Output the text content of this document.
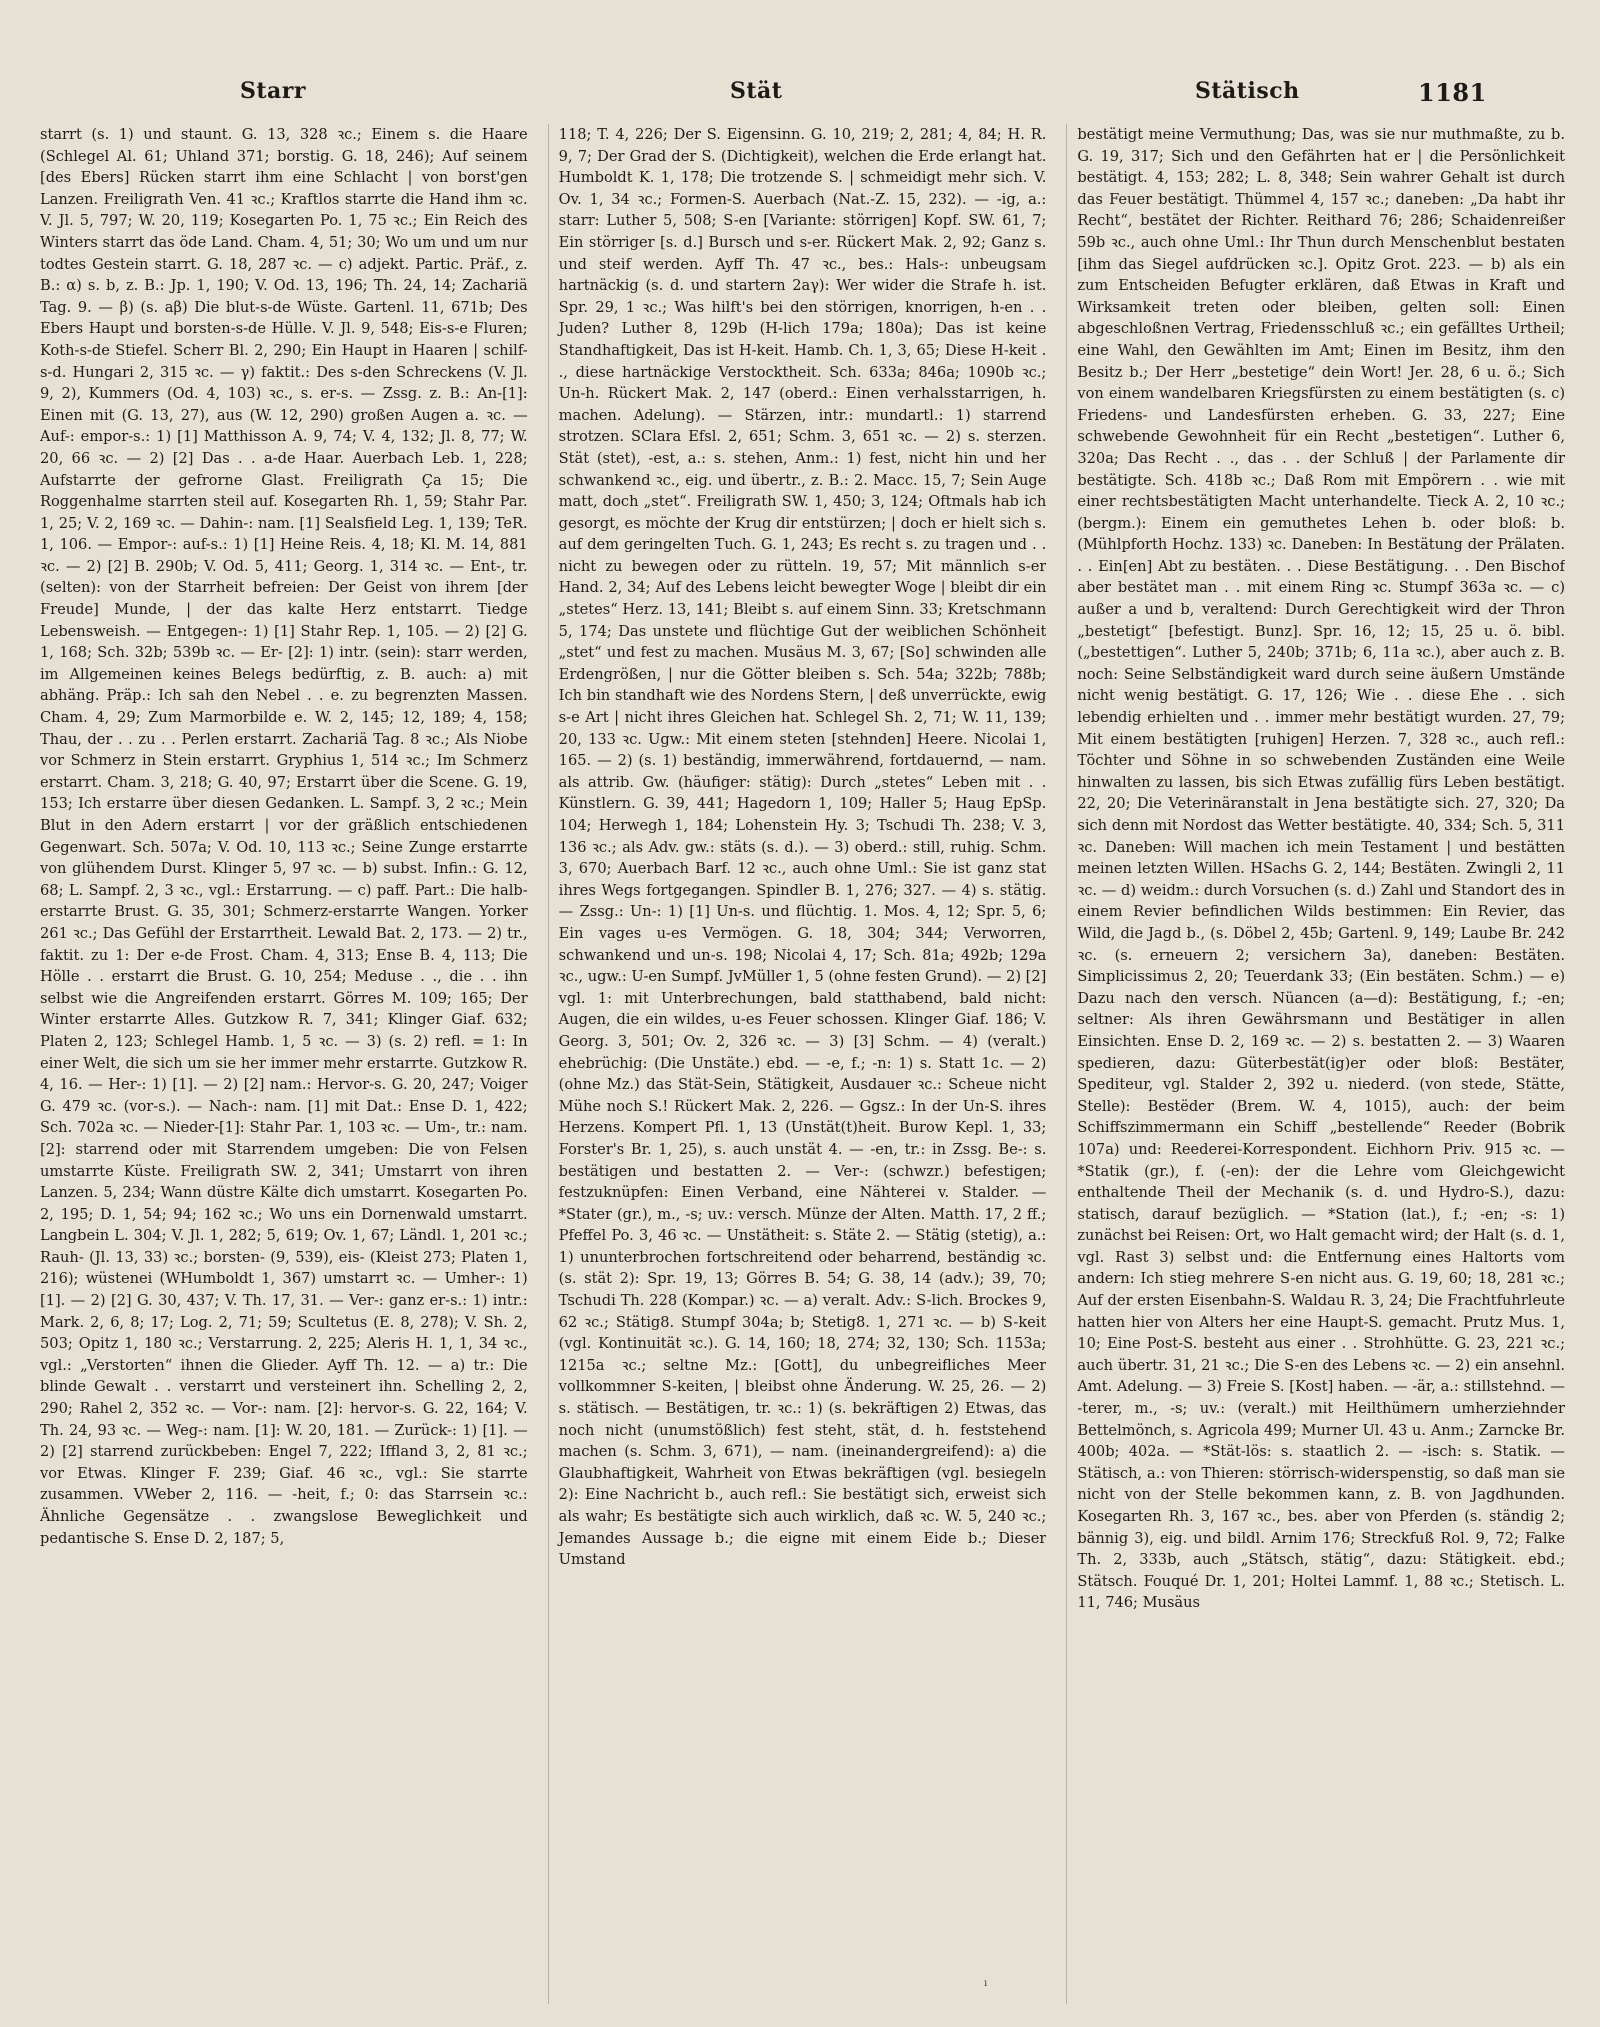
Starr	Stät	Stätisch	1181

starrt (s. 1) und staunt. G. 13, 328 ꝛc.; Einem s. die Haare (Schlegel Al. 61; Uhland 371; borstig. G. 18, 246); Auf seinem [des Ebers] Rücken starrt ihm eine Schlacht | von borst'gen Lanzen. Freiligrath Ven. 41 ꝛc.; Kraftlos starrte die Hand ihm ꝛc. V. Jl. 5, 797; W. 20, 119; Kosegarten Po. 1, 75 ꝛc.; Ein Reich des Winters starrt das öde Land. Cham. 4, 51; 30; Wo um und um nur todtes Gestein starrt. G. 18, 287 ꝛc. — c) adjekt. Partic. Präf., z. B.: α) s. b, z. B.: Jp. 1, 190; V. Od. 13, 196; Th. 24, 14; Zachariä Tag. 9. — β) (s. aβ) Die blut-s-de Wüste. Gartenl. 11, 671b; Des Ebers Haupt und borsten-s-de Hülle. V. Jl. 9, 548; Eis-s-e Fluren; Koth-s-de Stiefel. Scherr Bl. 2, 290; Ein Haupt in Haaren | schilf-s-d. Hungari 2, 315 ꝛc. — γ) faktit.: Des s-den Schreckens (V. Jl. 9, 2), Kummers (Od. 4, 103) ꝛc., s. er-s. — Zssg. z. B.: An-[1]: Einen mit (G. 13, 27), aus (W. 12, 290) großen Augen a. ꝛc. — Auf-: empor-s.: 1) [1] Matthisson A. 9, 74; V. 4, 132; Jl. 8, 77; W. 20, 66 ꝛc. — 2) [2] Das . . a-de Haar. Auerbach Leb. 1, 228; Aufstarrte der gefrorne Glast. Freiligrath Ça 15; Die Roggenhalme starrten steil auf. Kosegarten Rh. 1, 59; Stahr Par. 1, 25; V. 2, 169 ꝛc. — Dahin-: nam. [1] Sealsfield Leg. 1, 139; TeR. 1, 106. — Empor-: auf-s.: 1) [1] Heine Reis. 4, 18; Kl. M. 14, 881 ꝛc. — 2) [2] B. 290b; V. Od. 5, 411; Georg. 1, 314 ꝛc. — Ent-, tr. (selten): von der Starrheit befreien: Der Geist von ihrem [der Freude] Munde, | der das kalte Herz entstarrt. Tiedge Lebensweish. — Entgegen-: 1) [1] Stahr Rep. 1, 105. — 2) [2] G. 1, 168; Sch. 32b; 539b ꝛc. — Er- [2]: 1) intr. (sein): starr werden, im Allgemeinen keines Belegs bedürftig, z. B. auch: a) mit abhäng. Präp.: Ich sah den Nebel . . e. zu begrenzten Massen. Cham. 4, 29; Zum Marmorbilde e. W. 2, 145; 12, 189; 4, 158; Thau, der . . zu . . Perlen erstarrt. Zachariä Tag. 8 ꝛc.; Als Niobe vor Schmerz in Stein erstarrt. Gryphius 1, 514 ꝛc.; Im Schmerz erstarrt. Cham. 3, 218; G. 40, 97; Erstarrt über die Scene. G. 19, 153; Ich erstarre über diesen Gedanken. L. Sampf. 3, 2 ꝛc.; Mein Blut in den Adern erstarrt | vor der gräßlich entschiedenen Gegenwart. Sch. 507a; V. Od. 10, 113 ꝛc.; Seine Zunge erstarrte von glühendem Durst. Klinger 5, 97 ꝛc. — b) subst. Infin.: G. 12, 68; L. Sampf. 2, 3 ꝛc., vgl.: Erstarrung. — c) paff. Part.: Die halb-erstarrte Brust. G. 35, 301; Schmerz-erstarrte Wangen. Yorker 261 ꝛc.; Das Gefühl der Erstarrtheit. Lewald Bat. 2, 173. — 2) tr., faktit. zu 1: Der e-de Frost. Cham. 4, 313; Ense B. 4, 113; Die Hölle . . erstarrt die Brust. G. 10, 254; Meduse . ., die . . ihn selbst wie die Angreifenden erstarrt. Görres M. 109; 165; Der Winter erstarrte Alles. Gutzkow R. 7, 341; Klinger Giaf. 632; Platen 2, 123; Schlegel Hamb. 1, 5 ꝛc. — 3) (s. 2) refl. = 1: In einer Welt, die sich um sie her immer mehr erstarrte. Gutzkow R. 4, 16. — Her-: 1) [1]. — 2) [2] nam.: Hervor-s. G. 20, 247; Voiger G. 479 ꝛc. (vor-s.). — Nach-: nam. [1] mit Dat.: Ense D. 1, 422; Sch. 702a ꝛc. — Nieder-[1]: Stahr Par. 1, 103 ꝛc. — Um-, tr.: nam. [2]: starrend oder mit Starrendem umgeben: Die von Felsen umstarrte Küste. Freiligrath SW. 2, 341; Umstarrt von ihren Lanzen. 5, 234; Wann düstre Kälte dich umstarrt. Kosegarten Po. 2, 195; D. 1, 54; 94; 162 ꝛc.; Wo uns ein Dornenwald umstarrt. Langbein L. 304; V. Jl. 1, 282; 5, 619; Ov. 1, 67; Ländl. 1, 201 ꝛc.; Rauh- (Jl. 13, 33) ꝛc.; borsten- (9, 539), eis- (Kleist 273; Platen 1, 216); wüstenei (WHumboldt 1, 367) umstarrt ꝛc. — Umher-: 1) [1]. — 2) [2] G. 30, 437; V. Th. 17, 31. — Ver-: ganz er-s.: 1) intr.: Mark. 2, 6, 8; 17; Log. 2, 71; 59; Scultetus (E. 8, 278); V. Sh. 2, 503; Opitz 1, 180 ꝛc.; Verstarrung. 2, 225; Aleris H. 1, 1, 34 ꝛc., vgl.: „Verstorten“ ihnen die Glieder. Ayff Th. 12. — a) tr.: Die blinde Gewalt . . verstarrt und versteinert ihn. Schelling 2, 2, 290; Rahel 2, 352 ꝛc. — Vor-: nam. [2]: hervor-s. G. 22, 164; V. Th. 24, 93 ꝛc. — Weg-: nam. [1]: W. 20, 181. — Zurück-: 1) [1]. — 2) [2] starrend zurückbeben: Engel 7, 222; Iffland 3, 2, 81 ꝛc.; vor Etwas. Klinger F. 239; Giaf. 46 ꝛc., vgl.: Sie starrte zusammen. VWeber 2, 116. — -heit, f.; 0: das Starrsein ꝛc.: Ähnliche Gegensätze . . zwangslose Beweglichkeit und pedantische S. Ense D. 2, 187; 5,

118; T. 4, 226; Der S. Eigensinn. G. 10, 219; 2, 281; 4, 84; H. R. 9, 7; Der Grad der S. (Dichtigkeit), welchen die Erde erlangt hat. Humboldt K. 1, 178; Die trotzende S. | schmeidigt mehr sich. V. Ov. 1, 34 ꝛc.; Formen-S. Auerbach (Nat.-Z. 15, 232). — -ig, a.: starr: Luther 5, 508; S-en [Variante: störrigen] Kopf. SW. 61, 7; Ein störriger [s. d.] Bursch und s-er. Rückert Mak. 2, 92; Ganz s. und steif werden. Ayff Th. 47 ꝛc., bes.: Hals-: unbeugsam hartnäckig (s. d. und startern 2aγ): Wer wider die Strafe h. ist. Spr. 29, 1 ꝛc.; Was hilft's bei den störrigen, knorrigen, h-en . . Juden? Luther 8, 129b (H-lich 179a; 180a); Das ist keine Standhaftigkeit, Das ist H-keit. Hamb. Ch. 1, 3, 65; Diese H-keit . ., diese hartnäckige Verstocktheit. Sch. 633a; 846a; 1090b ꝛc.; Un-h. Rückert Mak. 2, 147 (oberd.: Einen verhalsstarrigen, h. machen. Adelung). — Stärzen, intr.: mundartl.: 1) starrend strotzen. SClara Efsl. 2, 651; Schm. 3, 651 ꝛc. — 2) s. sterzen. Stät (stet), -est, a.: s. stehen, Anm.: 1) fest, nicht hin und her schwankend ꝛc., eig. und übertr., z. B.: 2. Macc. 15, 7; Sein Auge matt, doch „stet“. Freiligrath SW. 1, 450; 3, 124; Oftmals hab ich gesorgt, es möchte der Krug dir entstürzen; | doch er hielt sich s. auf dem geringelten Tuch. G. 1, 243; Es recht s. zu tragen und . . nicht zu bewegen oder zu rütteln. 19, 57; Mit männlich s-er Hand. 2, 34; Auf des Lebens leicht bewegter Woge | bleibt dir ein „stetes“ Herz. 13, 141; Bleibt s. auf einem Sinn. 33; Kretschmann 5, 174; Das unstete und flüchtige Gut der weiblichen Schönheit „stet“ und fest zu machen. Musäus M. 3, 67; [So] schwinden alle Erdengrößen, | nur die Götter bleiben s. Sch. 54a; 322b; 788b; Ich bin standhaft wie des Nordens Stern, | deß unverrückte, ewig s-e Art | nicht ihres Gleichen hat. Schlegel Sh. 2, 71; W. 11, 139; 20, 133 ꝛc. Ugw.: Mit einem steten [stehnden] Heere. Nicolai 1, 165. — 2) (s. 1) beständig, immerwährend, fortdauernd, — nam. als attrib. Gw. (häufiger: stätig): Durch „stetes“ Leben mit . . Künstlern. G. 39, 441; Hagedorn 1, 109; Haller 5; Haug EpSp. 104; Herwegh 1, 184; Lohenstein Hy. 3; Tschudi Th. 238; V. 3, 136 ꝛc.; als Adv. gw.: stäts (s. d.). — 3) oberd.: still, ruhig. Schm. 3, 670; Auerbach Barf. 12 ꝛc., auch ohne Uml.: Sie ist ganz stat ihres Wegs fortgegangen. Spindler B. 1, 276; 327. — 4) s. stätig. — Zssg.: Un-: 1) [1] Un-s. und flüchtig. 1. Mos. 4, 12; Spr. 5, 6; Ein vages u-es Vermögen. G. 18, 304; 344; Verworren, schwankend und un-s. 198; Nicolai 4, 17; Sch. 81a; 492b; 129a ꝛc., ugw.: U-en Sumpf. JvMüller 1, 5 (ohne festen Grund). — 2) [2] vgl. 1: mit Unterbrechungen, bald statthabend, bald nicht: Augen, die ein wildes, u-es Feuer schossen. Klinger Giaf. 186; V. Georg. 3, 501; Ov. 2, 326 ꝛc. — 3) [3] Schm. — 4) (veralt.) ehebrüchig: (Die Unstäte.) ebd. — -e, f.; -n: 1) s. Statt 1c. — 2) (ohne Mz.) das Stät-Sein, Stätigkeit, Ausdauer ꝛc.: Scheue nicht Mühe noch S.! Rückert Mak. 2, 226. — Ggsz.: In der Un-S. ihres Herzens. Kompert Pfl. 1, 13 (Unstät(t)heit. Burow Kepl. 1, 33; Forster's Br. 1, 25), s. auch unstät 4. — -en, tr.: in Zssg. Be-: s. bestätigen und bestatten 2. — Ver-: (schwzr.) befestigen; festzuknüpfen: Einen Verband, eine Nähterei v. Stalder. — *Stater (gr.), m., -s; uv.: versch. Münze der Alten. Matth. 17, 2 ff.; Pfeffel Po. 3, 46 ꝛc. — Unstätheit: s. Stäte 2. — Stätig (stetig), a.: 1) ununterbrochen fortschreitend oder beharrend, beständig ꝛc. (s. stät 2): Spr. 19, 13; Görres B. 54; G. 38, 14 (adv.); 39, 70; Tschudi Th. 228 (Kompar.) ꝛc. — a) veralt. Adv.: S-lich. Brockes 9, 62 ꝛc.; Stätig8. Stumpf 304a; b; Stetig8. 1, 271 ꝛc. — b) S-keit (vgl. Kontinuität ꝛc.). G. 14, 160; 18, 274; 32, 130; Sch. 1153a; 1215a ꝛc.; seltne Mz.: [Gott], du unbegreifliches Meer vollkommner S-keiten, | bleibst ohne Änderung. W. 25, 26. — 2) s. stätisch. — Bestätigen, tr. ꝛc.: 1) (s. bekräftigen 2) Etwas, das noch nicht (unumstößlich) fest steht, stät, d. h. feststehend machen (s. Schm. 3, 671), — nam. (ineinandergreifend): a) die Glaubhaftigkeit, Wahrheit von Etwas bekräftigen (vgl. besiegeln 2): Eine Nachricht b., auch refl.: Sie bestätigt sich, erweist sich als wahr; Es bestätigte sich auch wirklich, daß ꝛc. W. 5, 240 ꝛc.; Jemandes Aussage b.; die eigne mit einem Eide b.; Dieser Umstand

bestätigt meine Vermuthung; Das, was sie nur muthmaßte, zu b. G. 19, 317; Sich und den Gefährten hat er | die Persönlichkeit bestätigt. 4, 153; 282; L. 8, 348; Sein wahrer Gehalt ist durch das Feuer bestätigt. Thümmel 4, 157 ꝛc.; daneben: „Da habt ihr Recht“, bestätet der Richter. Reithard 76; 286; Schaidenreißer 59b ꝛc., auch ohne Uml.: Ihr Thun durch Menschenblut bestaten [ihm das Siegel aufdrücken ꝛc.]. Opitz Grot. 223. — b) als ein zum Entscheiden Befugter erklären, daß Etwas in Kraft und Wirksamkeit treten oder bleiben, gelten soll: Einen abgeschloßnen Vertrag, Friedensschluß ꝛc.; ein gefälltes Urtheil; eine Wahl, den Gewählten im Amt; Einen im Besitz, ihm den Besitz b.; Der Herr „bestetige“ dein Wort! Jer. 28, 6 u. ö.; Sich von einem wandelbaren Kriegsfürsten zu einem bestätigten (s. c) Friedens- und Landesfürsten erheben. G. 33, 227; Eine schwebende Gewohnheit für ein Recht „bestetigen“. Luther 6, 320a; Das Recht . ., das . . der Schluß | der Parlamente dir bestätigte. Sch. 418b ꝛc.; Daß Rom mit Empörern . . wie mit einer rechtsbestätigten Macht unterhandelte. Tieck A. 2, 10 ꝛc.; (bergm.): Einem ein gemuthetes Lehen b. oder bloß: b. (Mühlpforth Hochz. 133) ꝛc. Daneben: In Bestätung der Prälaten. . . Ein[en] Abt zu bestäten. . . Diese Bestätigung. . . Den Bischof aber bestätet man . . mit einem Ring ꝛc. Stumpf 363a ꝛc. — c) außer a und b, veraltend: Durch Gerechtigkeit wird der Thron „bestetigt“ [befestigt. Bunz]. Spr. 16, 12; 15, 25 u. ö. bibl. („bestettigen“. Luther 5, 240b; 371b; 6, 11a ꝛc.), aber auch z. B. noch: Seine Selbständigkeit ward durch seine äußern Umstände nicht wenig bestätigt. G. 17, 126; Wie . . diese Ehe . . sich lebendig erhielten und . . immer mehr bestätigt wurden. 27, 79; Mit einem bestätigten [ruhigen] Herzen. 7, 328 ꝛc., auch refl.: Töchter und Söhne in so schwebenden Zuständen eine Weile hinwalten zu lassen, bis sich Etwas zufällig fürs Leben bestätigt. 22, 20; Die Veterinäranstalt in Jena bestätigte sich. 27, 320; Da sich denn mit Nordost das Wetter bestätigte. 40, 334; Sch. 5, 311 ꝛc. Daneben: Will machen ich mein Testament | und bestätten meinen letzten Willen. HSachs G. 2, 144; Bestäten. Zwingli 2, 11 ꝛc. — d) weidm.: durch Vorsuchen (s. d.) Zahl und Standort des in einem Revier befindlichen Wilds bestimmen: Ein Revier, das Wild, die Jagd b., (s. Döbel 2, 45b; Gartenl. 9, 149; Laube Br. 242 ꝛc. (s. erneuern 2; versichern 3a), daneben: Bestäten. Simplicissimus 2, 20; Teuerdank 33; (Ein bestäten. Schm.) — e) Dazu nach den versch. Nüancen (a—d): Bestätigung, f.; -en; seltner: Als ihren Gewährsmann und Bestätiger in allen Einsichten. Ense D. 2, 169 ꝛc. — 2) s. bestatten 2. — 3) Waaren spedieren, dazu: Güterbestät(ig)er oder bloß: Bestäter, Spediteur, vgl. Stalder 2, 392 u. niederd. (von stede, Stätte, Stelle): Bestëder (Brem. W. 4, 1015), auch: der beim Schiffszimmermann ein Schiff „bestellende“ Reeder (Bobrik 107a) und: Reederei-Korrespondent. Eichhorn Priv. 915 ꝛc. — *Statik (gr.), f. (-en): der die Lehre vom Gleichgewicht enthaltende Theil der Mechanik (s. d. und Hydro-S.), dazu: statisch, darauf bezüglich. — *Station (lat.), f.; -en; -s: 1) zunächst bei Reisen: Ort, wo Halt gemacht wird; der Halt (s. d. 1, vgl. Rast 3) selbst und: die Entfernung eines Haltorts vom andern: Ich stieg mehrere S-en nicht aus. G. 19, 60; 18, 281 ꝛc.; Auf der ersten Eisenbahn-S. Waldau R. 3, 24; Die Frachtfuhrleute hatten hier von Alters her eine Haupt-S. gemacht. Prutz Mus. 1, 10; Eine Post-S. besteht aus einer . . Strohhütte. G. 23, 221 ꝛc.; auch übertr. 31, 21 ꝛc.; Die S-en des Lebens ꝛc. — 2) ein ansehnl. Amt. Adelung. — 3) Freie S. [Kost] haben. — -är, a.: stillstehnd. — -terer, m., -s; uv.: (veralt.) mit Heilthümern umherziehnder Bettelmönch, s. Agricola 499; Murner Ul. 43 u. Anm.; Zarncke Br. 400b; 402a. — *Stät-lös: s. staatlich 2. — -isch: s. Statik. — Stätisch, a.: von Thieren: störrisch-widerspenstig, so daß man sie nicht von der Stelle bekommen kann, z. B. von Jagdhunden. Kosegarten Rh. 3, 167 ꝛc., bes. aber von Pferden (s. ständig 2; bännig 3), eig. und bildl. Arnim 176; Streckfuß Rol. 9, 72; Falke Th. 2, 333b, auch „Stätsch, stätig“, dazu: Stätigkeit. ebd.; Stätsch. Fouqué Dr. 1, 201; Holtei Lammf. 1, 88 ꝛc.; Stetisch. L. 11, 746; Musäus

ı
